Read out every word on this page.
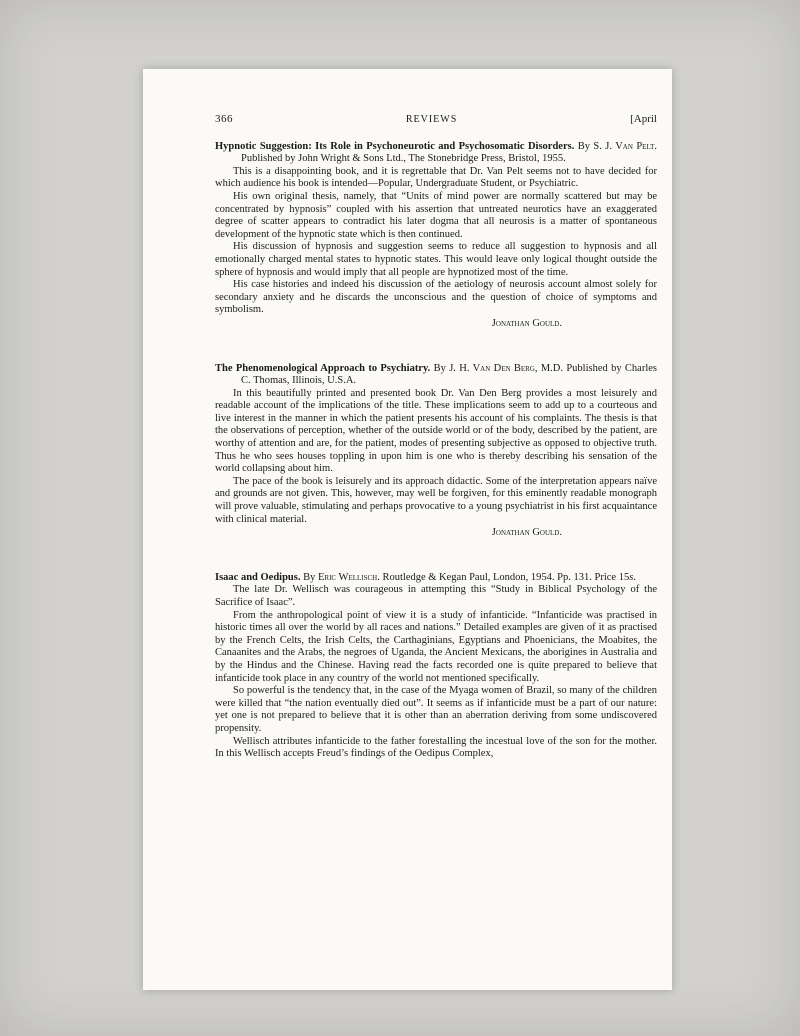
366	REVIEWS	[April

Hypnotic Suggestion: Its Role in Psychoneurotic and Psychosomatic Disorders. By S. J. Van Pelt. Published by John Wright & Sons Ltd., The Stonebridge Press, Bristol, 1955.

This is a disappointing book, and it is regrettable that Dr. Van Pelt seems not to have decided for which audience his book is intended—Popular, Undergraduate Student, or Psychiatric.

His own original thesis, namely, that “Units of mind power are normally scattered but may be concentrated by hypnosis” coupled with his assertion that untreated neurotics have an exaggerated degree of scatter appears to contradict his later dogma that all neurosis is a matter of spontaneous development of the hypnotic state which is then continued.

His discussion of hypnosis and suggestion seems to reduce all suggestion to hypnosis and all emotionally charged mental states to hypnotic states. This would leave only logical thought outside the sphere of hypnosis and would imply that all people are hypnotized most of the time.

His case histories and indeed his discussion of the aetiology of neurosis account almost solely for secondary anxiety and he discards the unconscious and the question of choice of symptoms and symbolism.

Jonathan Gould.

The Phenomenological Approach to Psychiatry. By J. H. Van Den Berg, M.D. Published by Charles C. Thomas, Illinois, U.S.A.

In this beautifully printed and presented book Dr. Van Den Berg provides a most leisurely and readable account of the implications of the title. These implications seem to add up to a courteous and live interest in the manner in which the patient presents his account of his complaints. The thesis is that the observations of perception, whether of the outside world or of the body, described by the patient, are worthy of attention and are, for the patient, modes of presenting subjective as opposed to objective truth. Thus he who sees houses toppling in upon him is one who is thereby describing his sensation of the world collapsing about him.

The pace of the book is leisurely and its approach didactic. Some of the interpretation appears naïve and grounds are not given. This, however, may well be forgiven, for this eminently readable monograph will prove valuable, stimulating and perhaps provocative to a young psychiatrist in his first acquaintance with clinical material.

Jonathan Gould.

Isaac and Oedipus. By Eric Wellisch. Routledge & Kegan Paul, London, 1954. Pp. 131. Price 15s.

The late Dr. Wellisch was courageous in attempting this “Study in Biblical Psychology of the Sacrifice of Isaac”.

From the anthropological point of view it is a study of infanticide. “Infanticide was practised in historic times all over the world by all races and nations.” Detailed examples are given of it as practised by the French Celts, the Irish Celts, the Carthaginians, Egyptians and Phoenicians, the Moabites, the Canaanites and the Arabs, the negroes of Uganda, the Ancient Mexicans, the aborigines in Australia and by the Hindus and the Chinese. Having read the facts recorded one is quite prepared to believe that infanticide took place in any country of the world not mentioned specifically.

So powerful is the tendency that, in the case of the Myaga women of Brazil, so many of the children were killed that “the nation eventually died out”. It seems as if infanticide must be a part of our nature: yet one is not prepared to believe that it is other than an aberration deriving from some undiscovered propensity.

Wellisch attributes infanticide to the father forestalling the incestual love of the son for the mother. In this Wellisch accepts Freud’s findings of the Oedipus Complex,
